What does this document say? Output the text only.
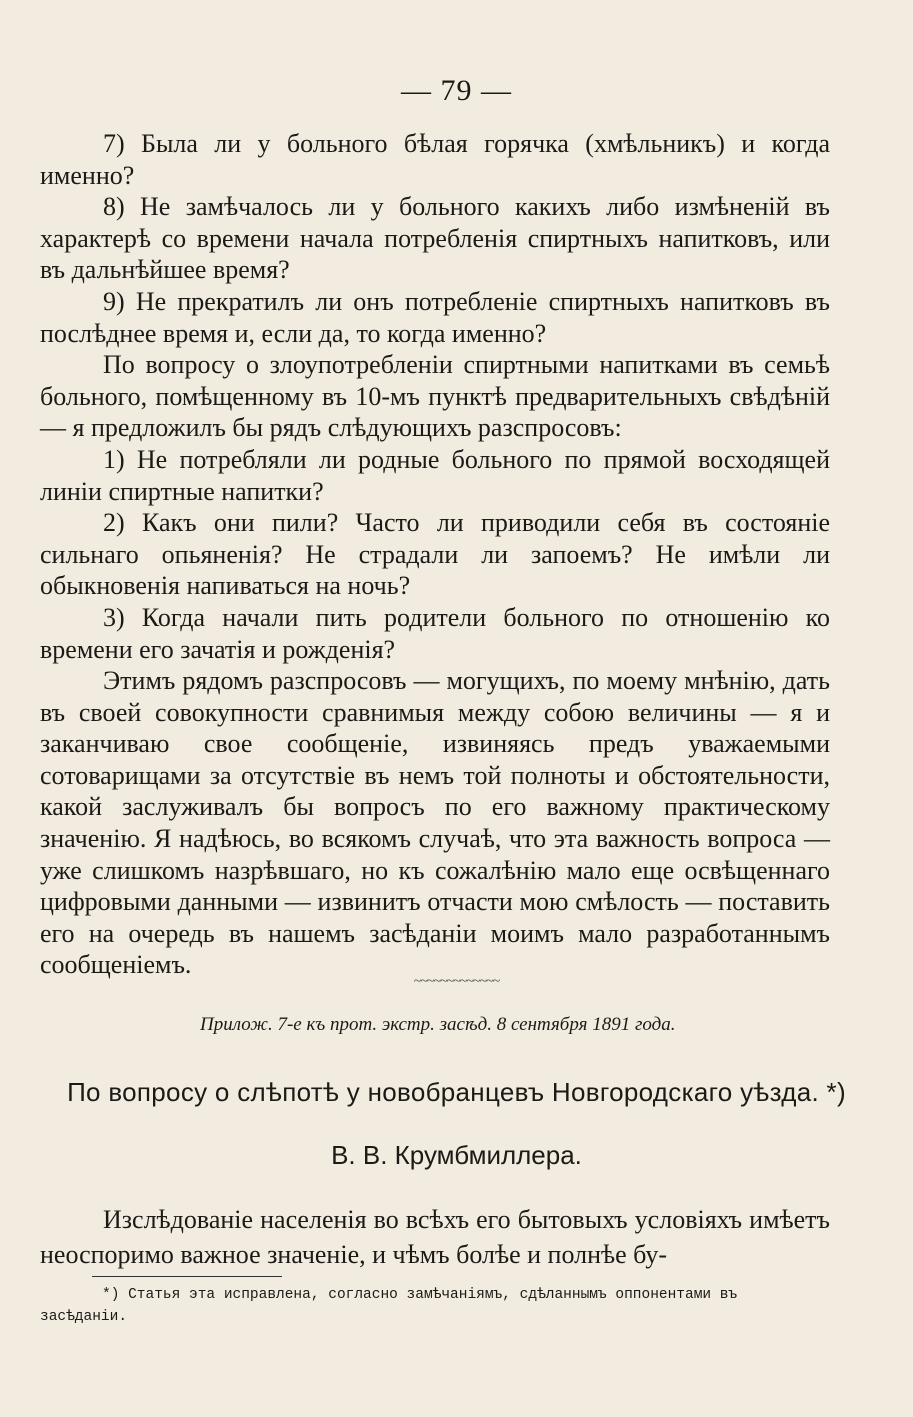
— 79 —

7) Была ли у больного бѣлая горячка (хмѣльникъ) и когда именно?

8) Не замѣчалось ли у больного какихъ либо измѣненій въ характерѣ со времени начала потребленія спиртныхъ напитковъ, или въ дальнѣйшее время?

9) Не прекратилъ ли онъ потребленіе спиртныхъ напитковъ въ послѣднее время и, если да, то когда именно?

По вопросу о злоупотребленіи спиртными напитками въ семьѣ больного, помѣщенному въ 10-мъ пунктѣ предварительныхъ свѣдѣній — я предложилъ бы рядъ слѣдующихъ разспросовъ:

1) Не потребляли ли родные больного по прямой восходящей линіи спиртные напитки?

2) Какъ они пили? Часто ли приводили себя въ состояніе сильнаго опьяненія? Не страдали ли запоемъ? Не имѣли ли обыкновенія напиваться на ночь?

3) Когда начали пить родители больного по отношенію ко времени его зачатія и рожденія?

Этимъ рядомъ разспросовъ — могущихъ, по моему мнѣнію, дать въ своей совокупности сравнимыя между собою величины — я и заканчиваю свое сообщеніе, извиняясь предъ уважаемыми сотоварищами за отсутствіе въ немъ той полноты и обстоятельности, какой заслуживалъ бы вопросъ по его важному практическому значенію. Я надѣюсь, во всякомъ случаѣ, что эта важность вопроса — уже слишкомъ назрѣвшаго, но къ сожалѣнію мало еще освѣщеннаго цифровыми данными — извинитъ отчасти мою смѣлость — поставить его на очередь въ нашемъ засѣданіи моимъ мало разработаннымъ сообщеніемъ.

~~~~~~~~~~~~~
Прилож. 7-е къ прот. экстр. засѣд. 8 сентября 1891 года.
По вопросу о слѣпотѣ у новобранцевъ Новгородскаго уѣзда. *)
В. В. Крумбмиллера.

Изслѣдованіе населенія во всѣхъ его бытовыхъ условіяхъ имѣетъ неоспоримо важное значеніе, и чѣмъ болѣе и полнѣе бу-

*) Статья эта исправлена, согласно замѣчаніямъ, сдѣланнымъ оппонентами въ засѣданіи.
